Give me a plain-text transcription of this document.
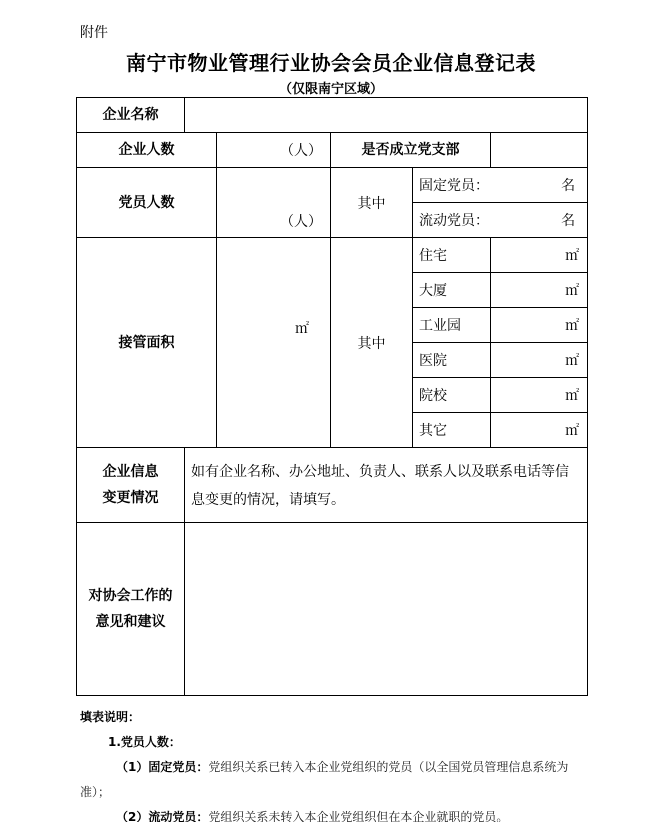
附件
南宁市物业管理行业协会会员企业信息登记表
（仅限南宁区域）
企业名称					
企业人数		（人）	是否成立党支部		
党员人数		（人）	其中	固定党员： 名	

				流动党员： 名	

接管面积		㎡	其中	住宅	㎡
				大厦	㎡
				工业园	㎡
				医院	㎡
				院校	㎡
				其它	㎡

企业信息
变更情况	如有企业名称、办公地址、负责人、联系人以及联系电话等信息变更的情况，请填写。				

对协会工作的
意见和建议					

填表说明：
1.党员人数：
（1）固定党员：党组织关系已转入本企业党组织的党员（以全国党员管理信息系统为准）；
（2）流动党员：党组织关系未转入本企业党组织但在本企业就职的党员。
